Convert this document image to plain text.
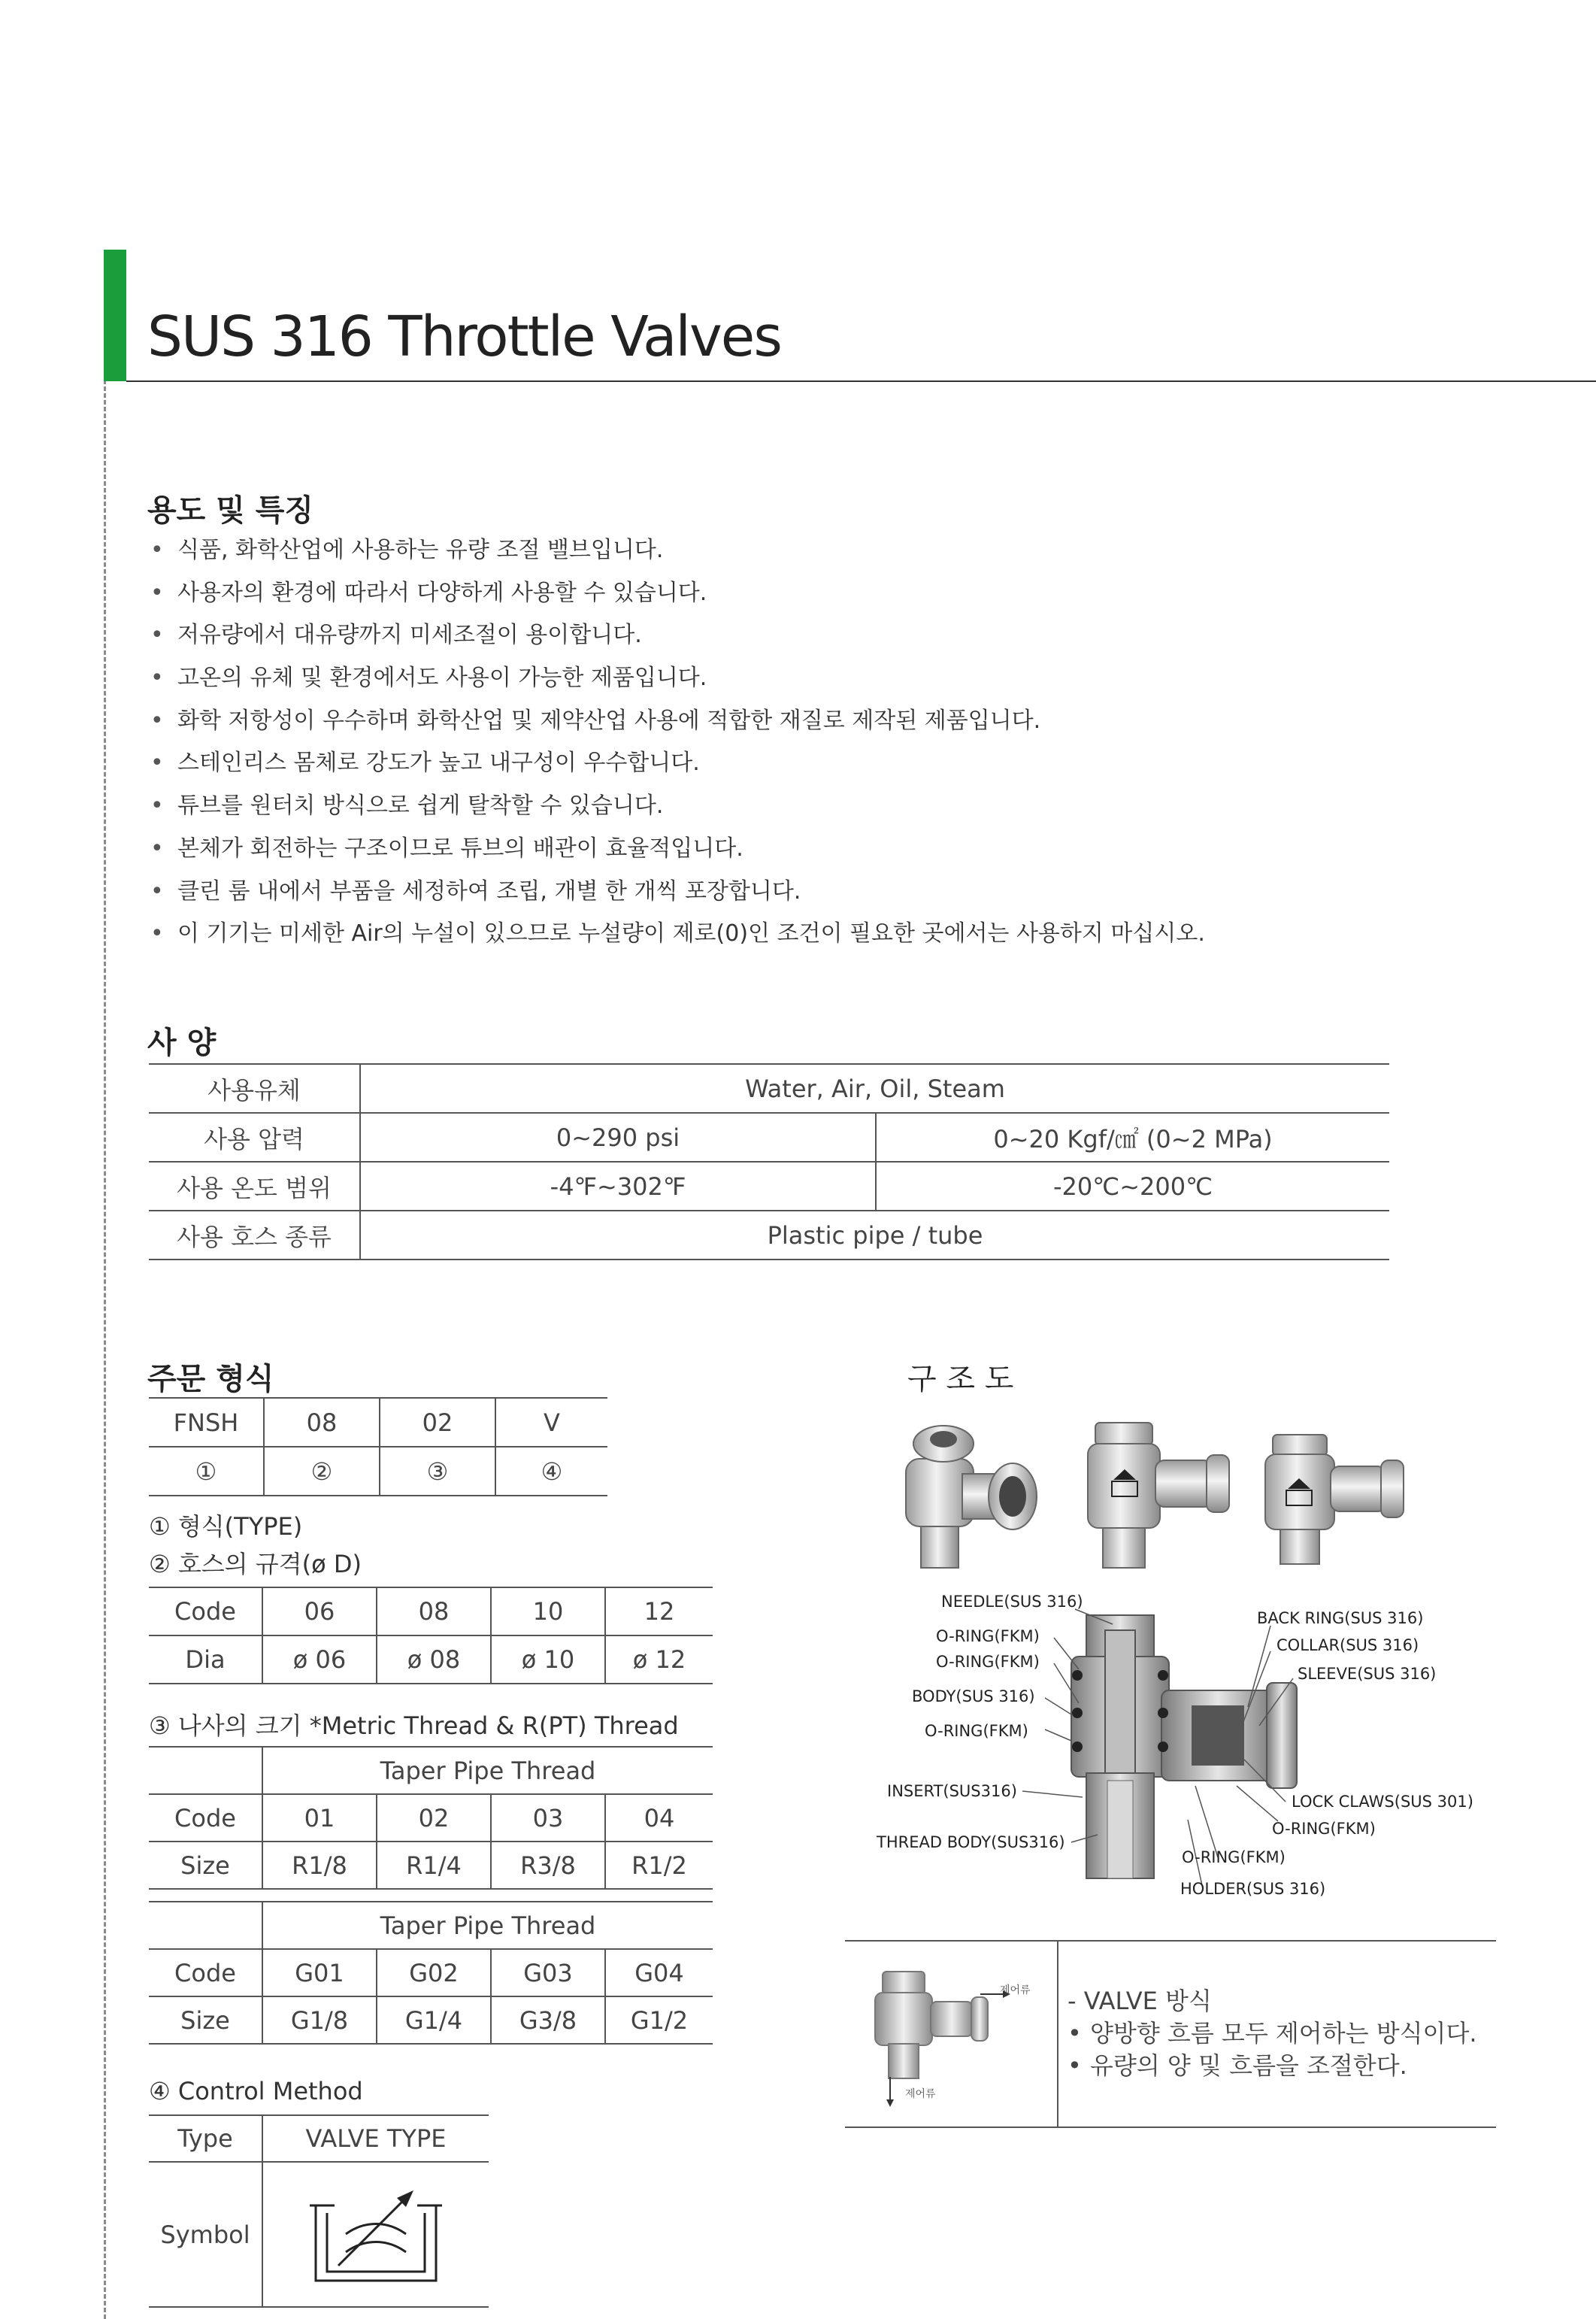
SUS 316 Throttle Valves
용도 및 특징
• 식품, 화학산업에 사용하는 유량 조절 밸브입니다.
• 사용자의 환경에 따라서 다양하게 사용할 수 있습니다.
• 저유량에서 대유량까지 미세조절이 용이합니다.
• 고온의 유체 및 환경에서도 사용이 가능한 제품입니다.
• 화학 저항성이 우수하며 화학산업 및 제약산업 사용에 적합한 재질로 제작된 제품입니다.
• 스테인리스 몸체로 강도가 높고 내구성이 우수합니다.
• 튜브를 원터치 방식으로 쉽게 탈착할 수 있습니다.
• 본체가 회전하는 구조이므로 튜브의 배관이 효율적입니다.
• 클린 룸 내에서 부품을 세정하여 조립, 개별 한 개씩 포장합니다.
• 이 기기는 미세한 Air의 누설이 있으므로 누설량이 제로(0)인 조건이 필요한 곳에서는 사용하지 마십시오.
사 양
사용유체	Water, Air, Oil, Steam	
사용 압력	0~290 psi	0~20 Kgf/㎠ (0~2 MPa)
사용 온도 범위	-4℉~302℉	-20℃~200℃
사용 호스 종류	Plastic pipe / tube	
주문 형식
FNSH	08	02	V
①	②	③	④
① 형식(TYPE)
② 호스의 규격(ø D)
Code	06	08	10	12
Dia	ø 06	ø 08	ø 10	ø 12
③ 나사의 크기 *Metric Thread & R(PT) Thread
	Taper Pipe Thread			
Code	01	02	03	04
Size	R1/8	R1/4	R3/8	R1/2
	Taper Pipe Thread			
Code	G01	G02	G03	G04
Size	G1/8	G1/4	G3/8	G1/2
④ Control Method
Type	VALVE TYPE
Symbol	
구 조 도
NEEDLE(SUS 316)
O-RING(FKM)
O-RING(FKM)
BODY(SUS 316)
O-RING(FKM)
INSERT(SUS316)
THREAD BODY(SUS316)
BACK RING(SUS 316)
COLLAR(SUS 316)
SLEEVE(SUS 316)
LOCK CLAWS(SUS 301)
O-RING(FKM)
O-RING(FKM)
HOLDER(SUS 316)
제어류
제어류
- VALVE 방식
• 양방향 흐름 모두 제어하는 방식이다.
• 유량의 양 및 흐름을 조절한다.
